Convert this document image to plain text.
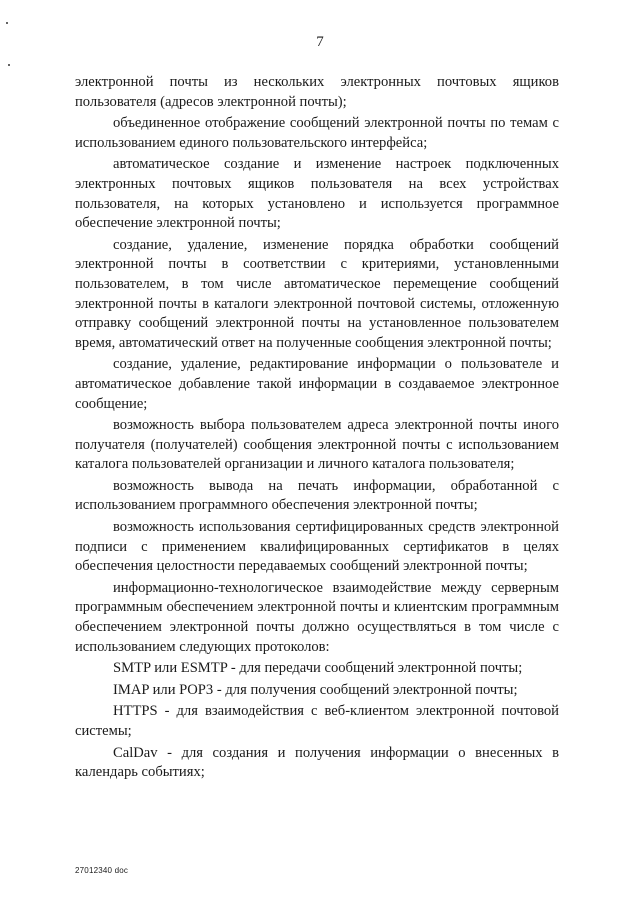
7

электронной почты из нескольких электронных почтовых ящиков пользователя (адресов электронной почты);

объединенное отображение сообщений электронной почты по темам с использованием единого пользовательского интерфейса;

автоматическое создание и изменение настроек подключенных электронных почтовых ящиков пользователя на всех устройствах пользователя, на которых установлено и используется программное обеспечение электронной почты;

создание, удаление, изменение порядка обработки сообщений электронной почты в соответствии с критериями, установленными пользователем, в том числе автоматическое перемещение сообщений электронной почты в каталоги электронной почтовой системы, отложенную отправку сообщений электронной почты на установленное пользователем время, автоматический ответ на полученные сообщения электронной почты;

создание, удаление, редактирование информации о пользователе и автоматическое добавление такой информации в создаваемое электронное сообщение;

возможность выбора пользователем адреса электронной почты иного получателя (получателей) сообщения электронной почты с использованием каталога пользователей организации и личного каталога пользователя;

возможность вывода на печать информации, обработанной с использованием программного обеспечения электронной почты;

возможность использования сертифицированных средств электронной подписи с применением квалифицированных сертификатов в целях обеспечения целостности передаваемых сообщений электронной почты;

информационно-технологическое взаимодействие между серверным программным обеспечением электронной почты и клиентским программным обеспечением электронной почты должно осуществляться в том числе с использованием следующих протоколов:

SMTP или ESMTP - для передачи сообщений электронной почты;

IMAP или POP3 - для получения сообщений электронной почты;

HTTPS - для взаимодействия с веб-клиентом электронной почтовой системы;

CalDav - для создания и получения информации о внесенных в календарь событиях;

27012340 doc
